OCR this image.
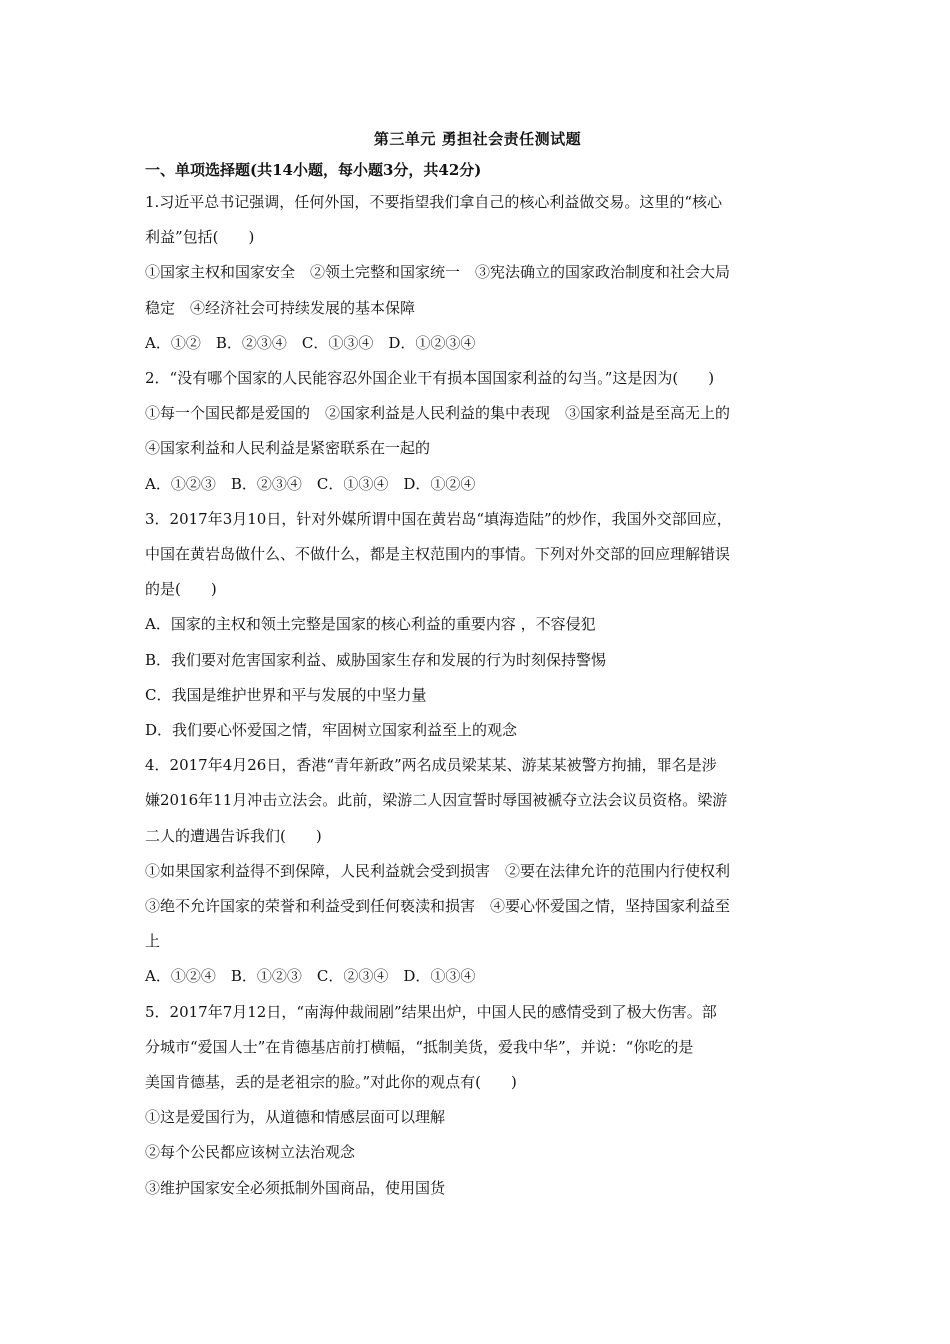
第三单元 勇担社会责任测试题

一、单项选择题(共14小题，每小题3分，共42分)

1.习近平总书记强调，任何外国，不要指望我们拿自己的核心利益做交易。这里的“核心

利益”包括(　　)

①国家主权和国家安全　②领土完整和国家统一　③宪法确立的国家政治制度和社会大局

稳定　④经济社会可持续发展的基本保障

A．①②　B．②③④　C．①③④　D．①②③④

2．“没有哪个国家的人民能容忍外国企业干有损本国国家利益的勾当。”这是因为(　　)

①每一个国民都是爱国的　②国家利益是人民利益的集中表现　③国家利益是至高无上的

④国家利益和人民利益是紧密联系在一起的

A．①②③　B．②③④　C．①③④　D．①②④

3．2017年3月10日，针对外媒所谓中国在黄岩岛“填海造陆”的炒作，我国外交部回应，

中国在黄岩岛做什么、不做什么，都是主权范围内的事情。下列对外交部的回应理解错误

的是(　　)

A．国家的主权和领土完整是国家的核心利益的重要内容 ，不容侵犯

B．我们要对危害国家利益、威胁国家生存和发展的行为时刻保持警惕

C．我国是维护世界和平与发展的中坚力量

D．我们要心怀爱国之情，牢固树立国家利益至上的观念

4．2017年4月26日，香港“青年新政”两名成员梁某某、游某某被警方拘捕，罪名是涉

嫌2016年11月冲击立法会。此前，梁游二人因宣誓时辱国被褫夺立法会议员资格。梁游

二人的遭遇告诉我们(　　)

①如果国家利益得不到保障，人民利益就会受到损害　②要在法律允许的范围内行使权利

③绝不允许国家的荣誉和利益受到任何亵渎和损害　④要心怀爱国之情，坚持国家利益至

上

A．①②④　B．①②③　C．②③④　D．①③④

5．2017年7月12日，“南海仲裁闹剧”结果出炉，中国人民的感情受到了极大伤害。部

分城市“爱国人士”在肯德基店前打横幅，“抵制美货，爱我中华”，并说：“你吃的是

美国肯德基，丢的是老祖宗的脸。”对此你的观点有(　　)

①这是爱国行为，从道德和情感层面可以理解

②每个公民都应该树立法治观念

③维护国家安全必须抵制外国商品，使用国货
